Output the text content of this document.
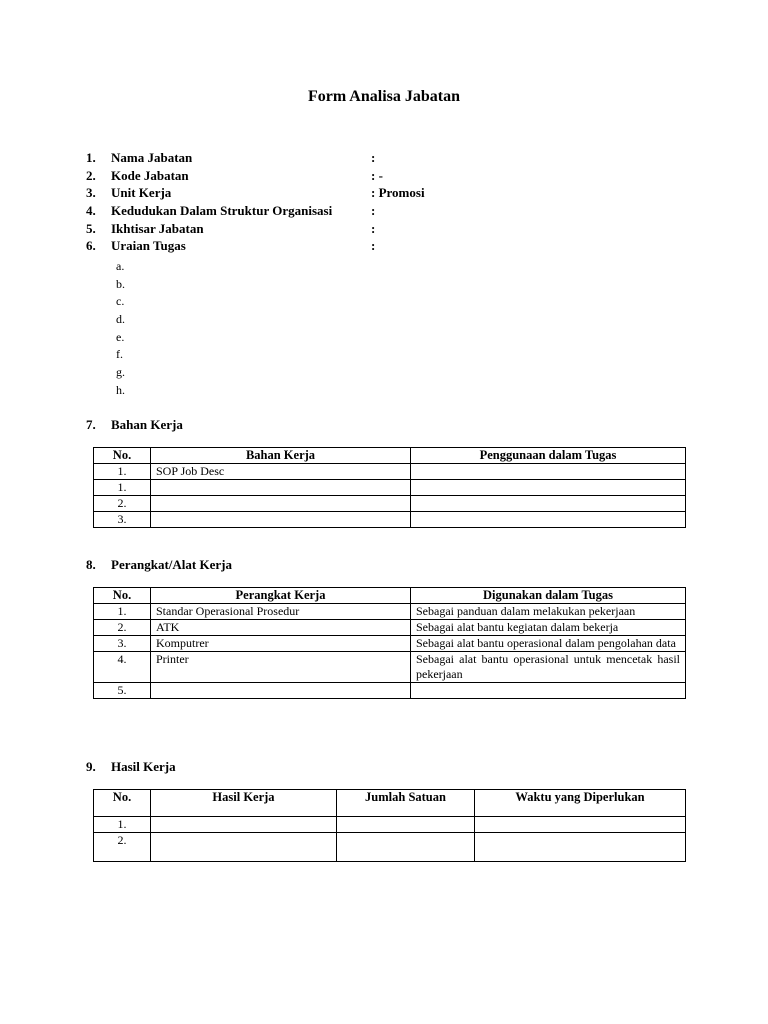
Form Analisa Jabatan
1.	Nama Jabatan	:
2.	Kode Jabatan	: -
3.	Unit Kerja	: Promosi
4.	Kedudukan Dalam Struktur Organisasi	:
5.	Ikhtisar Jabatan	:
6.	Uraian Tugas	:
a.
b.
c.
d.
e.
f.
g.
h.
7. Bahan Kerja
No.	Bahan Kerja	Penggunaan dalam Tugas
1.	SOP Job Desc	
1.		
2.		
3.		
8. Perangkat/Alat Kerja
No.	Perangkat Kerja	Digunakan dalam Tugas
1.	Standar Operasional Prosedur	Sebagai panduan dalam melakukan pekerjaan
2.	ATK	Sebagai alat bantu kegiatan dalam bekerja
3.	Komputrer	Sebagai alat bantu operasional dalam pengolahan data
4.	Printer	Sebagai alat bantu operasional untuk mencetak hasil pekerjaan
5.		
9. Hasil Kerja
No.	Hasil Kerja	Jumlah Satuan	Waktu yang Diperlukan
1.			
2.			
